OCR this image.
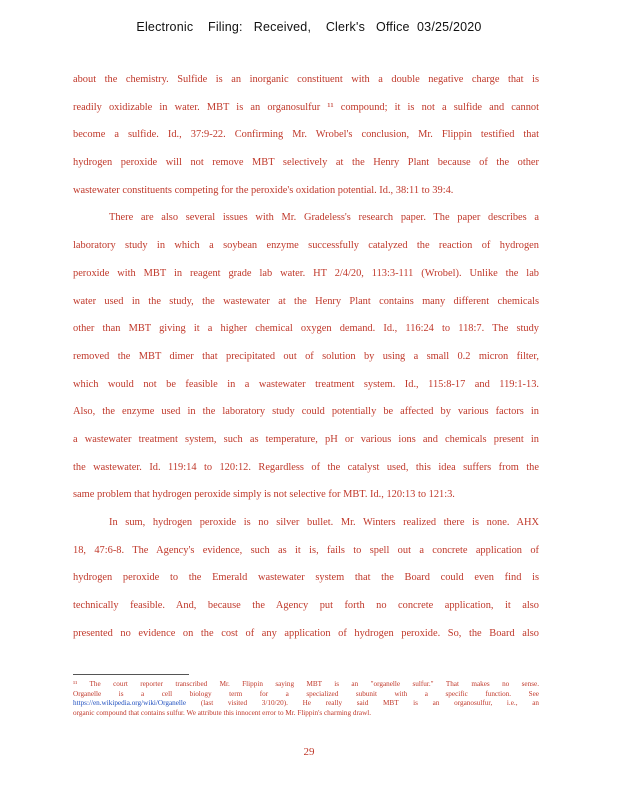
Electronic    Filing:   Received,    Clerk's   Office  03/25/2020
about the chemistry. Sulfide is an inorganic constituent with a double negative charge that is
readily oxidizable in water. MBT is an organosulfur ¹¹ compound; it is not a sulfide and cannot
become a sulfide. Id., 37:9-22. Confirming Mr. Wrobel's conclusion, Mr. Flippin testified that
hydrogen peroxide will not remove MBT selectively at the Henry Plant because of the other
wastewater constituents competing for the peroxide's oxidation potential. Id., 38:11 to 39:4.
There are also several issues with Mr. Gradeless's research paper. The paper describes a
laboratory study in which a soybean enzyme successfully catalyzed the reaction of hydrogen
peroxide with MBT in reagent grade lab water. HT 2/4/20, 113:3-111 (Wrobel). Unlike the lab
water used in the study, the wastewater at the Henry Plant contains many different chemicals
other than MBT giving it a higher chemical oxygen demand. Id., 116:24 to 118:7. The study
removed the MBT dimer that precipitated out of solution by using a small 0.2 micron filter,
which would not be feasible in a wastewater treatment system. Id., 115:8-17 and 119:1-13.
Also, the enzyme used in the laboratory study could potentially be affected by various factors in
a wastewater treatment system, such as temperature, pH or various ions and chemicals present in
the wastewater. Id. 119:14 to 120:12. Regardless of the catalyst used, this idea suffers from the
same problem that hydrogen peroxide simply is not selective for MBT. Id., 120:13 to 121:3.
In sum, hydrogen peroxide is no silver bullet. Mr. Winters realized there is none. AHX
18, 47:6-8. The Agency's evidence, such as it is, fails to spell out a concrete application of
hydrogen peroxide to the Emerald wastewater system that the Board could even find is
technically feasible. And, because the Agency put forth no concrete application, it also
presented no evidence on the cost of any application of hydrogen peroxide. So, the Board also
¹¹ The court reporter transcribed Mr. Flippin saying MBT is an "organelle sulfur." That makes no sense.
Organelle is a cell biology term for a specialized subunit with a specific function. See
https://en.wikipedia.org/wiki/Organelle (last visited 3/10/20). He really said MBT is an organosulfur, i.e., an
organic compound that contains sulfur. We attribute this innocent error to Mr. Flippin's charming drawl.
29
